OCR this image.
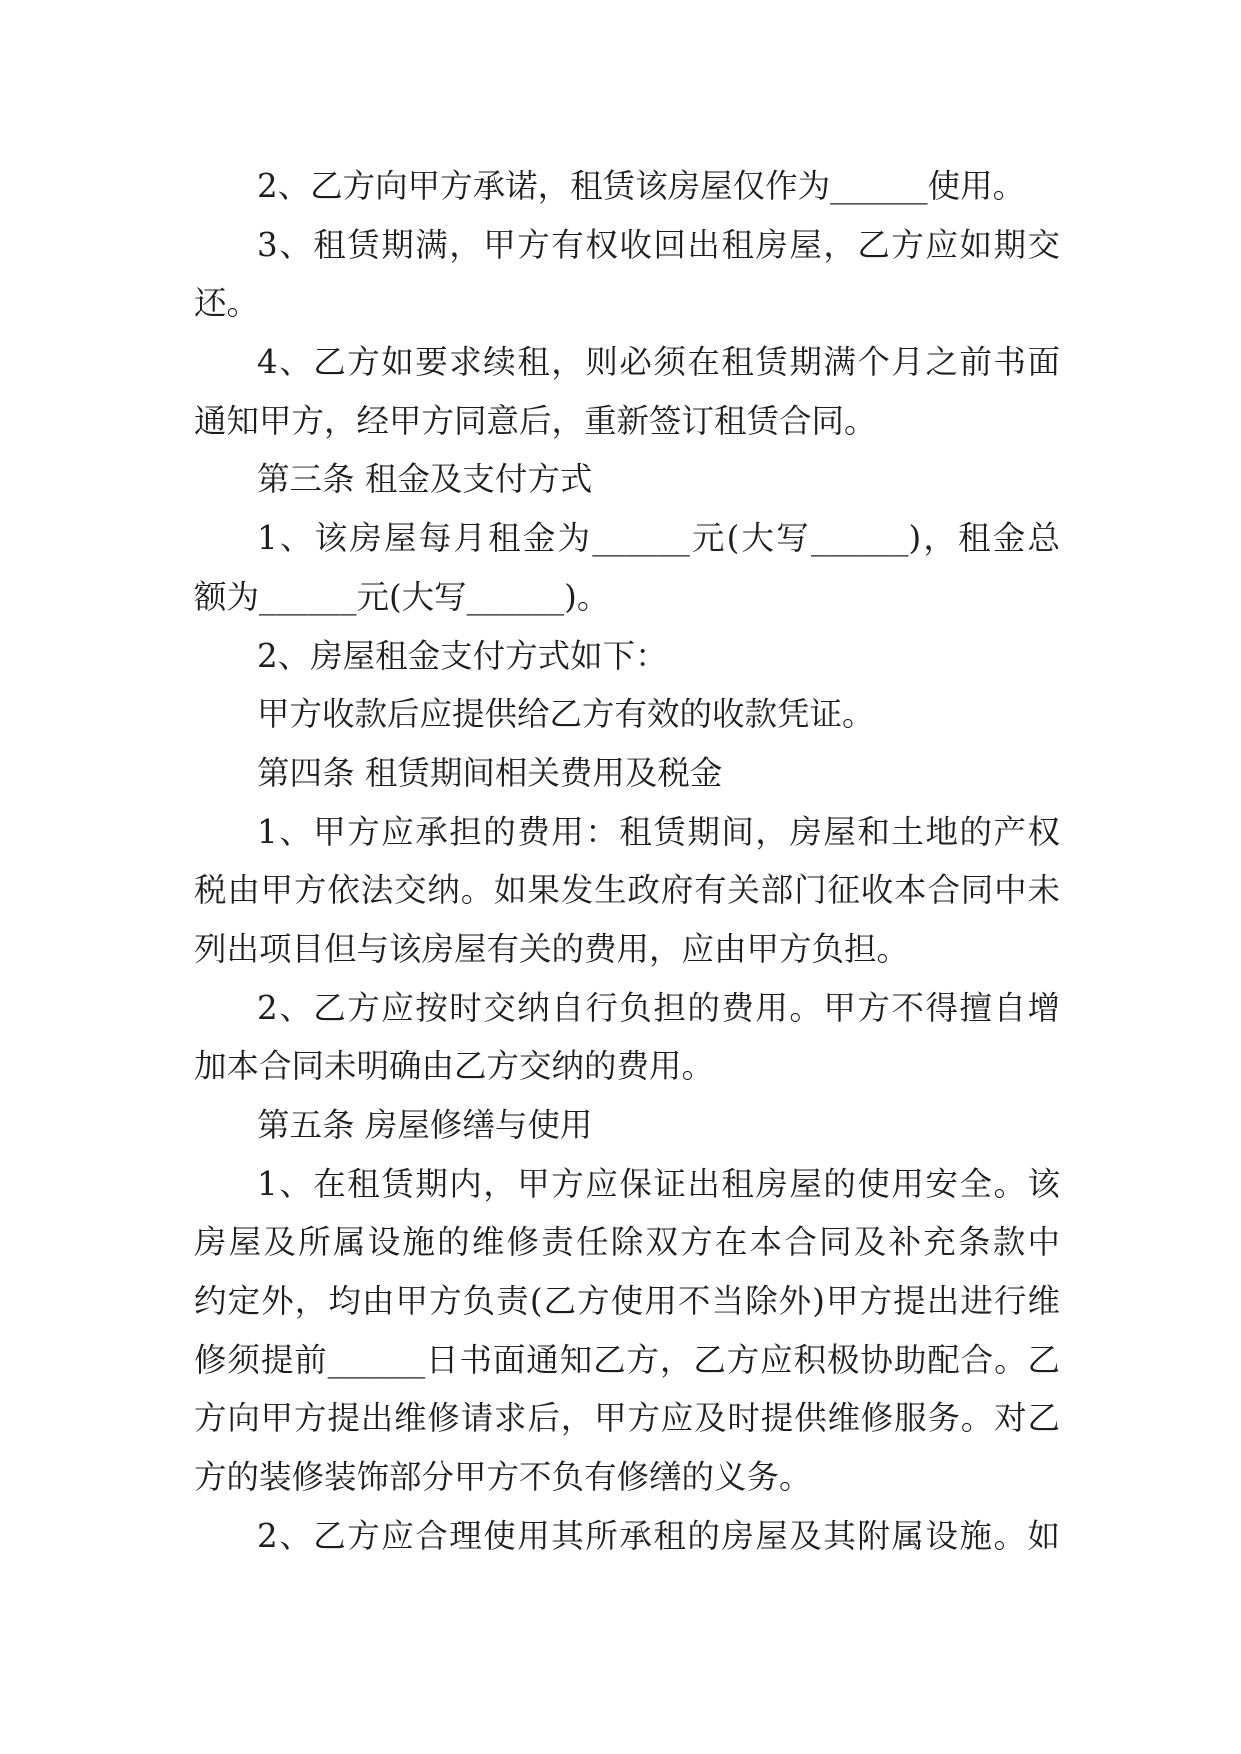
2、乙方向甲方承诺，租赁该房屋仅作为______使用。
3、租赁期满，甲方有权收回出租房屋，乙方应如期交
还。
4、乙方如要求续租，则必须在租赁期满个月之前书面
通知甲方，经甲方同意后，重新签订租赁合同。
第三条 租金及支付方式
1、该房屋每月租金为______元(大写______)，租金总
额为______元(大写______)。
2、房屋租金支付方式如下：
甲方收款后应提供给乙方有效的收款凭证。
第四条 租赁期间相关费用及税金
1、甲方应承担的费用：租赁期间，房屋和土地的产权
税由甲方依法交纳。如果发生政府有关部门征收本合同中未
列出项目但与该房屋有关的费用，应由甲方负担。
2、乙方应按时交纳自行负担的费用。甲方不得擅自增
加本合同未明确由乙方交纳的费用。
第五条 房屋修缮与使用
1、在租赁期内，甲方应保证出租房屋的使用安全。该
房屋及所属设施的维修责任除双方在本合同及补充条款中
约定外，均由甲方负责(乙方使用不当除外)甲方提出进行维
修须提前______日书面通知乙方，乙方应积极协助配合。乙
方向甲方提出维修请求后，甲方应及时提供维修服务。对乙
方的装修装饰部分甲方不负有修缮的义务。
2、乙方应合理使用其所承租的房屋及其附属设施。如
